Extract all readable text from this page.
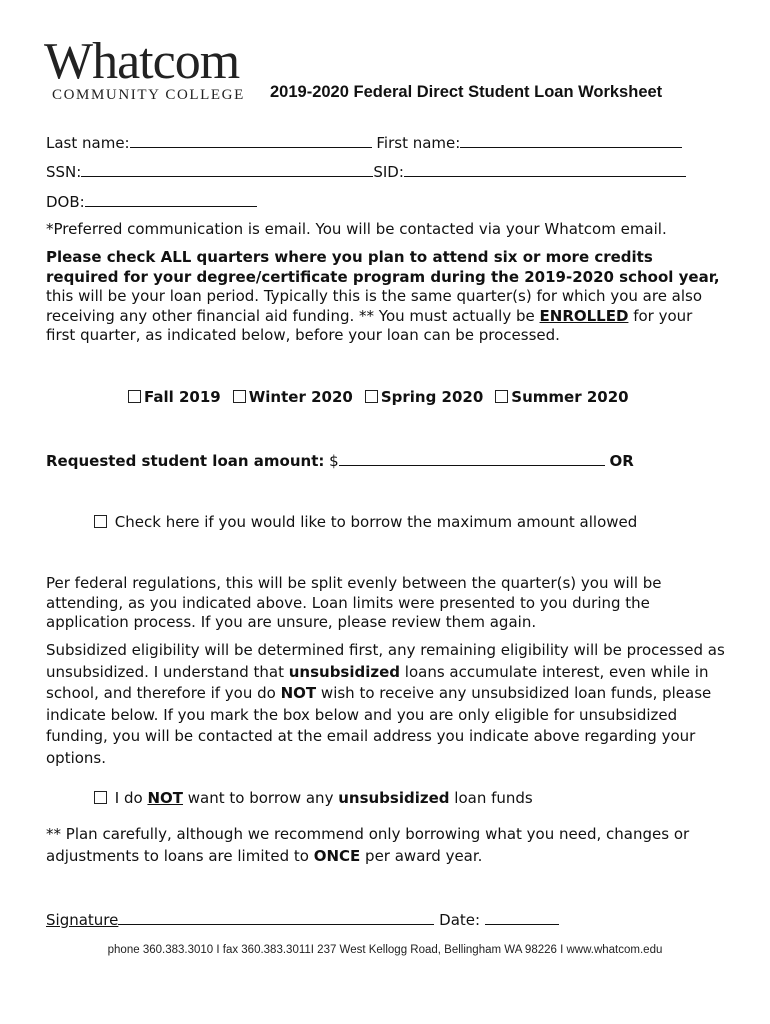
Whatcom
COMMUNITY COLLEGE 2019-2020 Federal Direct Student Loan Worksheet
Last name:	First name:
SSN:	SID:
DOB:
*Preferred communication is email. You will be contacted via your Whatcom email.
Please check ALL quarters where you plan to attend six or more credits required for your degree/certificate program during the 2019-2020 school year, this will be your loan period. Typically this is the same quarter(s) for which you are also receiving any other financial aid funding. ** You must actually be ENROLLED for your first quarter, as indicated below, before your loan can be processed.
Fall 2019 Winter 2020 Spring 2020 Summer 2020
Requested student loan amount: $	OR
Check here if you would like to borrow the maximum amount allowed
Per federal regulations, this will be split evenly between the quarter(s) you will be attending, as you indicated above. Loan limits were presented to you during the application process. If you are unsure, please review them again.
Subsidized eligibility will be determined first, any remaining eligibility will be processed as unsubsidized. I understand that unsubsidized loans accumulate interest, even while in school, and therefore if you do NOT wish to receive any unsubsidized loan funds, please indicate below. If you mark the box below and you are only eligible for unsubsidized funding, you will be contacted at the email address you indicate above regarding your options.
I do NOT want to borrow any unsubsidized loan funds
** Plan carefully, although we recommend only borrowing what you need, changes or adjustments to loans are limited to ONCE per award year.
Signature	Date:
phone 360.383.3010 I fax 360.383.3011I 237 West Kellogg Road, Bellingham WA 98226 I www.whatcom.edu
